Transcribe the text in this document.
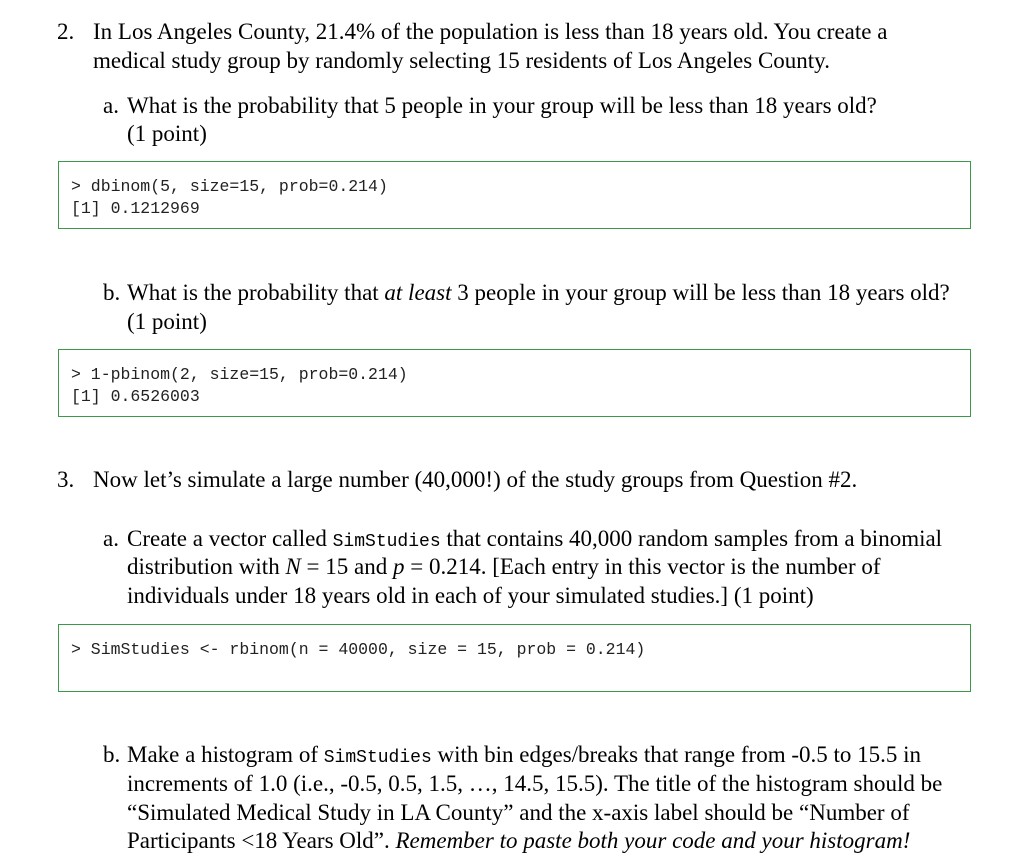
2. In Los Angeles County, 21.4% of the population is less than 18 years old. You create a
medical study group by randomly selecting 15 residents of Los Angeles County.
a. What is the probability that 5 people in your group will be less than 18 years old?
(1 point)
> dbinom(5, size=15, prob=0.214)
[1] 0.1212969
b. What is the probability that at least 3 people in your group will be less than 18 years old?
(1 point)
> 1-pbinom(2, size=15, prob=0.214)
[1] 0.6526003
3. Now let’s simulate a large number (40,000!) of the study groups from Question #2.
a. Create a vector called SimStudies that contains 40,000 random samples from a binomial
distribution with N = 15 and p = 0.214. [Each entry in this vector is the number of
individuals under 18 years old in each of your simulated studies.] (1 point)
> SimStudies <- rbinom(n = 40000, size = 15, prob = 0.214)
b. Make a histogram of SimStudies with bin edges/breaks that range from -0.5 to 15.5 in
increments of 1.0 (i.e., -0.5, 0.5, 1.5, …, 14.5, 15.5). The title of the histogram should be
“Simulated Medical Study in LA County” and the x-axis label should be “Number of
Participants <18 Years Old”. Remember to paste both your code and your histogram!
